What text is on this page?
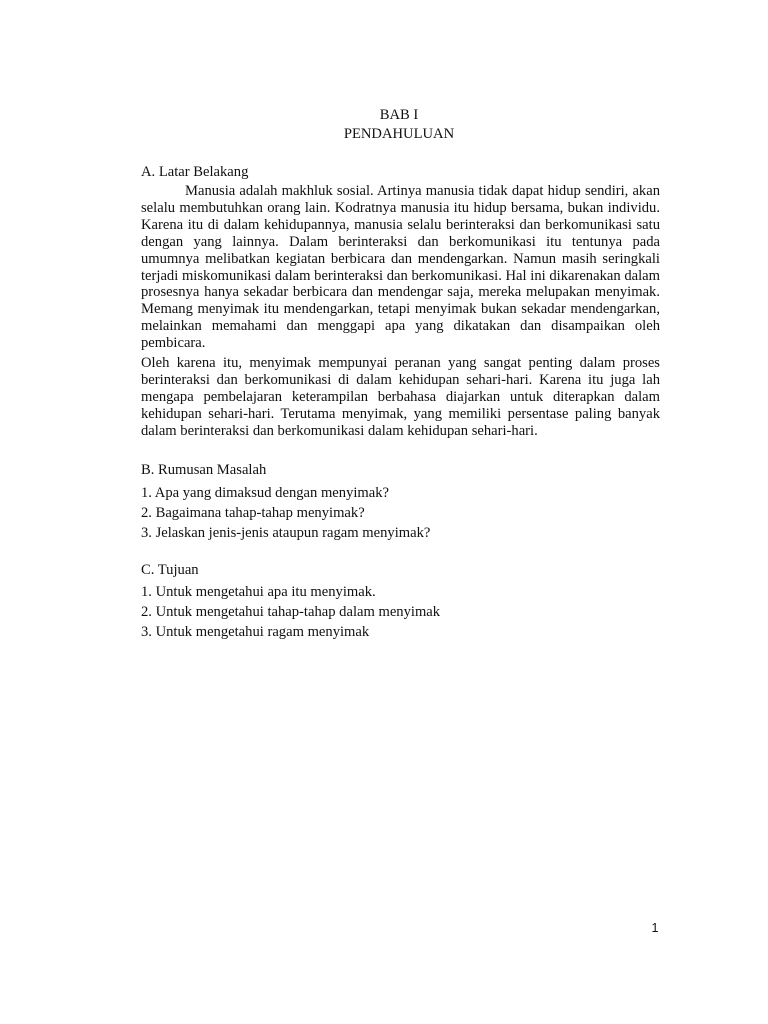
BAB I
PENDAHULUAN
A. Latar Belakang
Manusia adalah makhluk sosial. Artinya manusia tidak dapat hidup sendiri, akan selalu membutuhkan orang lain. Kodratnya manusia itu hidup bersama, bukan individu. Karena itu di dalam kehidupannya, manusia selalu berinteraksi dan berkomunikasi satu dengan yang lainnya. Dalam berinteraksi dan berkomunikasi itu tentunya pada umumnya melibatkan kegiatan berbicara dan mendengarkan. Namun masih seringkali terjadi miskomunikasi dalam berinteraksi dan berkomunikasi. Hal ini dikarenakan dalam prosesnya hanya sekadar berbicara dan mendengar saja, mereka melupakan menyimak. Memang menyimak itu mendengarkan, tetapi menyimak bukan sekadar mendengarkan, melainkan memahami dan menggapi apa yang dikatakan dan disampaikan oleh pembicara.
Oleh karena itu, menyimak mempunyai peranan yang sangat penting dalam proses berinteraksi dan berkomunikasi di dalam kehidupan sehari-hari. Karena itu juga lah mengapa pembelajaran keterampilan berbahasa diajarkan untuk diterapkan dalam kehidupan sehari-hari. Terutama menyimak, yang memiliki persentase paling banyak dalam berinteraksi dan berkomunikasi dalam kehidupan sehari-hari.
B. Rumusan Masalah
1. Apa yang dimaksud dengan menyimak?
2. Bagaimana tahap-tahap menyimak?
3. Jelaskan jenis-jenis ataupun ragam menyimak?
C. Tujuan
1. Untuk mengetahui apa itu menyimak.
2. Untuk mengetahui tahap-tahap dalam menyimak
3. Untuk mengetahui ragam menyimak
1
